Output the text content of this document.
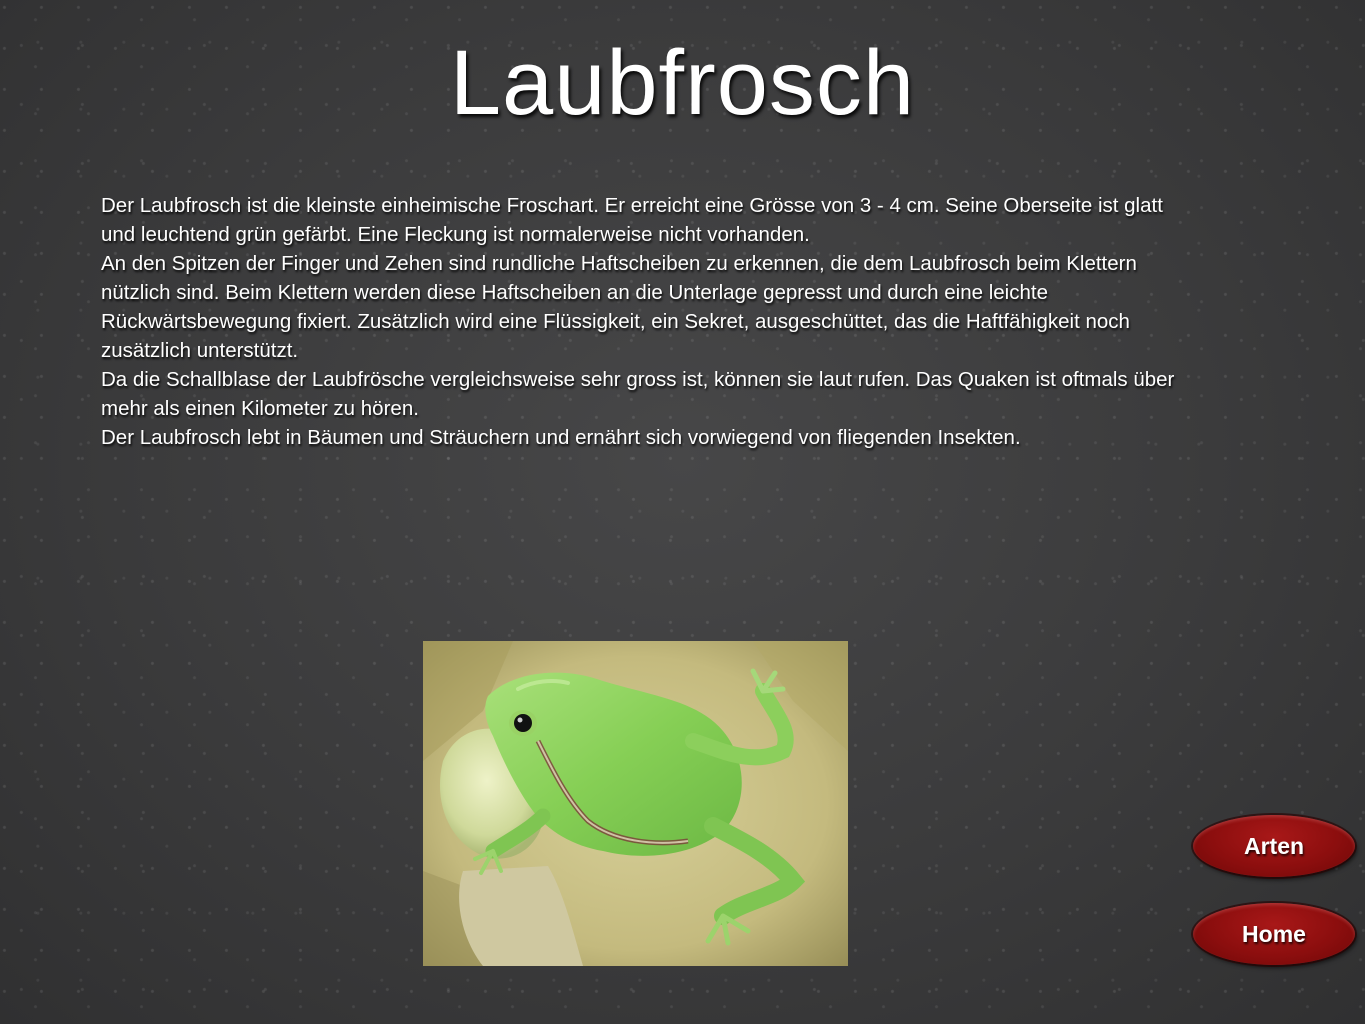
Laubfrosch

Der Laubfrosch ist die kleinste einheimische Froschart. Er erreicht eine Grösse von 3 - 4 cm. Seine Oberseite ist glatt und leuchtend grün gefärbt. Eine Fleckung ist normalerweise nicht vorhanden.

An den Spitzen der Finger und Zehen sind rundliche Haftscheiben zu erkennen, die dem Laubfrosch beim Klettern nützlich sind. Beim Klettern werden diese Haftscheiben an die Unterlage gepresst und durch eine leichte Rückwärtsbewegung fixiert. Zusätzlich wird eine Flüssigkeit, ein Sekret, ausgeschüttet, das die Haftfähigkeit noch zusätzlich unterstützt.

Da die Schallblase der Laubfrösche vergleichsweise sehr gross ist, können sie laut rufen. Das Quaken ist oftmals über mehr als einen Kilometer zu hören.

Der Laubfrosch lebt in Bäumen und Sträuchern und ernährt sich vorwiegend von fliegenden Insekten.

Arten
Home
